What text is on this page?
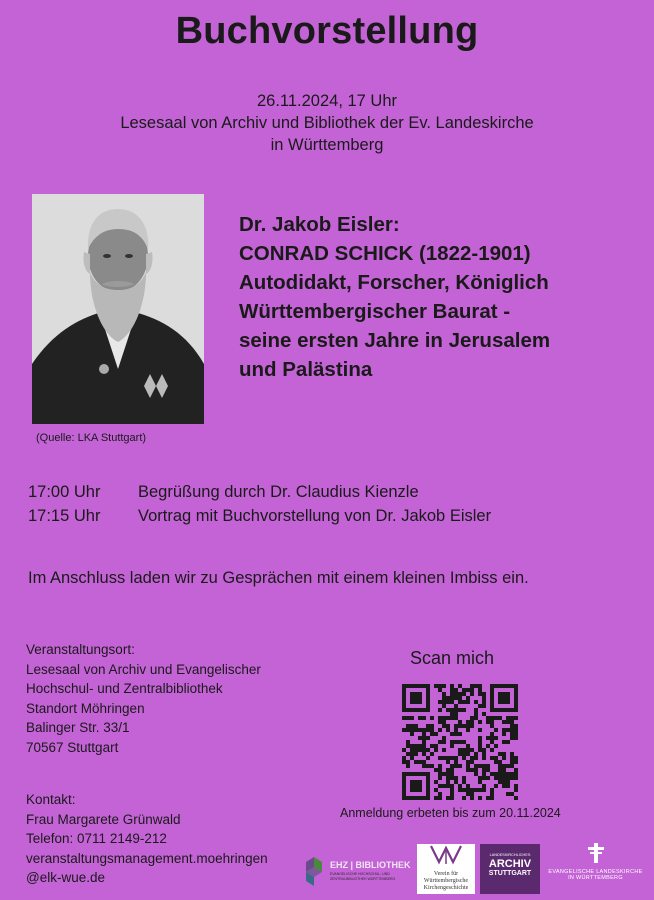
Buchvorstellung
26.11.2024, 17 Uhr
Lesesaal von Archiv und Bibliothek der Ev. Landeskirche
in Württemberg
(Quelle: LKA Stuttgart)
Dr. Jakob Eisler:
CONRAD SCHICK (1822-1901)
Autodidakt, Forscher, Königlich
Württembergischer Baurat -
seine ersten Jahre in Jerusalem
und Palästina
17:00 Uhr	Begrüßung durch Dr. Claudius Kienzle
17:15 Uhr	Vortrag mit Buchvorstellung von Dr. Jakob Eisler
Im Anschluss laden wir zu Gesprächen mit einem kleinen Imbiss ein.
Veranstaltungsort:
Lesesaal von Archiv und Evangelischer
Hochschul- und Zentralbibliothek
Standort Möhringen
Balinger Str. 33/1
70567 Stuttgart
Kontakt:
Frau Margarete Grünwald
Telefon: 0711 2149-212
veranstaltungsmanagement.moehringen
@elk-wue.de
Scan mich
Anmeldung erbeten bis zum 20.11.2024
EHZ | BIBLIOTHEK
EVANGELISCHE HOCHSCHUL- UND
ZENTRALBIBLIOTHEK WÜRTTEMBERG
Verein für
Württembergische
Kirchengeschichte
LANDESKIRCHLICHES
ARCHIV
STUTTGART	EVANGELISCHE LANDESKIRCHE
IN WÜRTTEMBERG
